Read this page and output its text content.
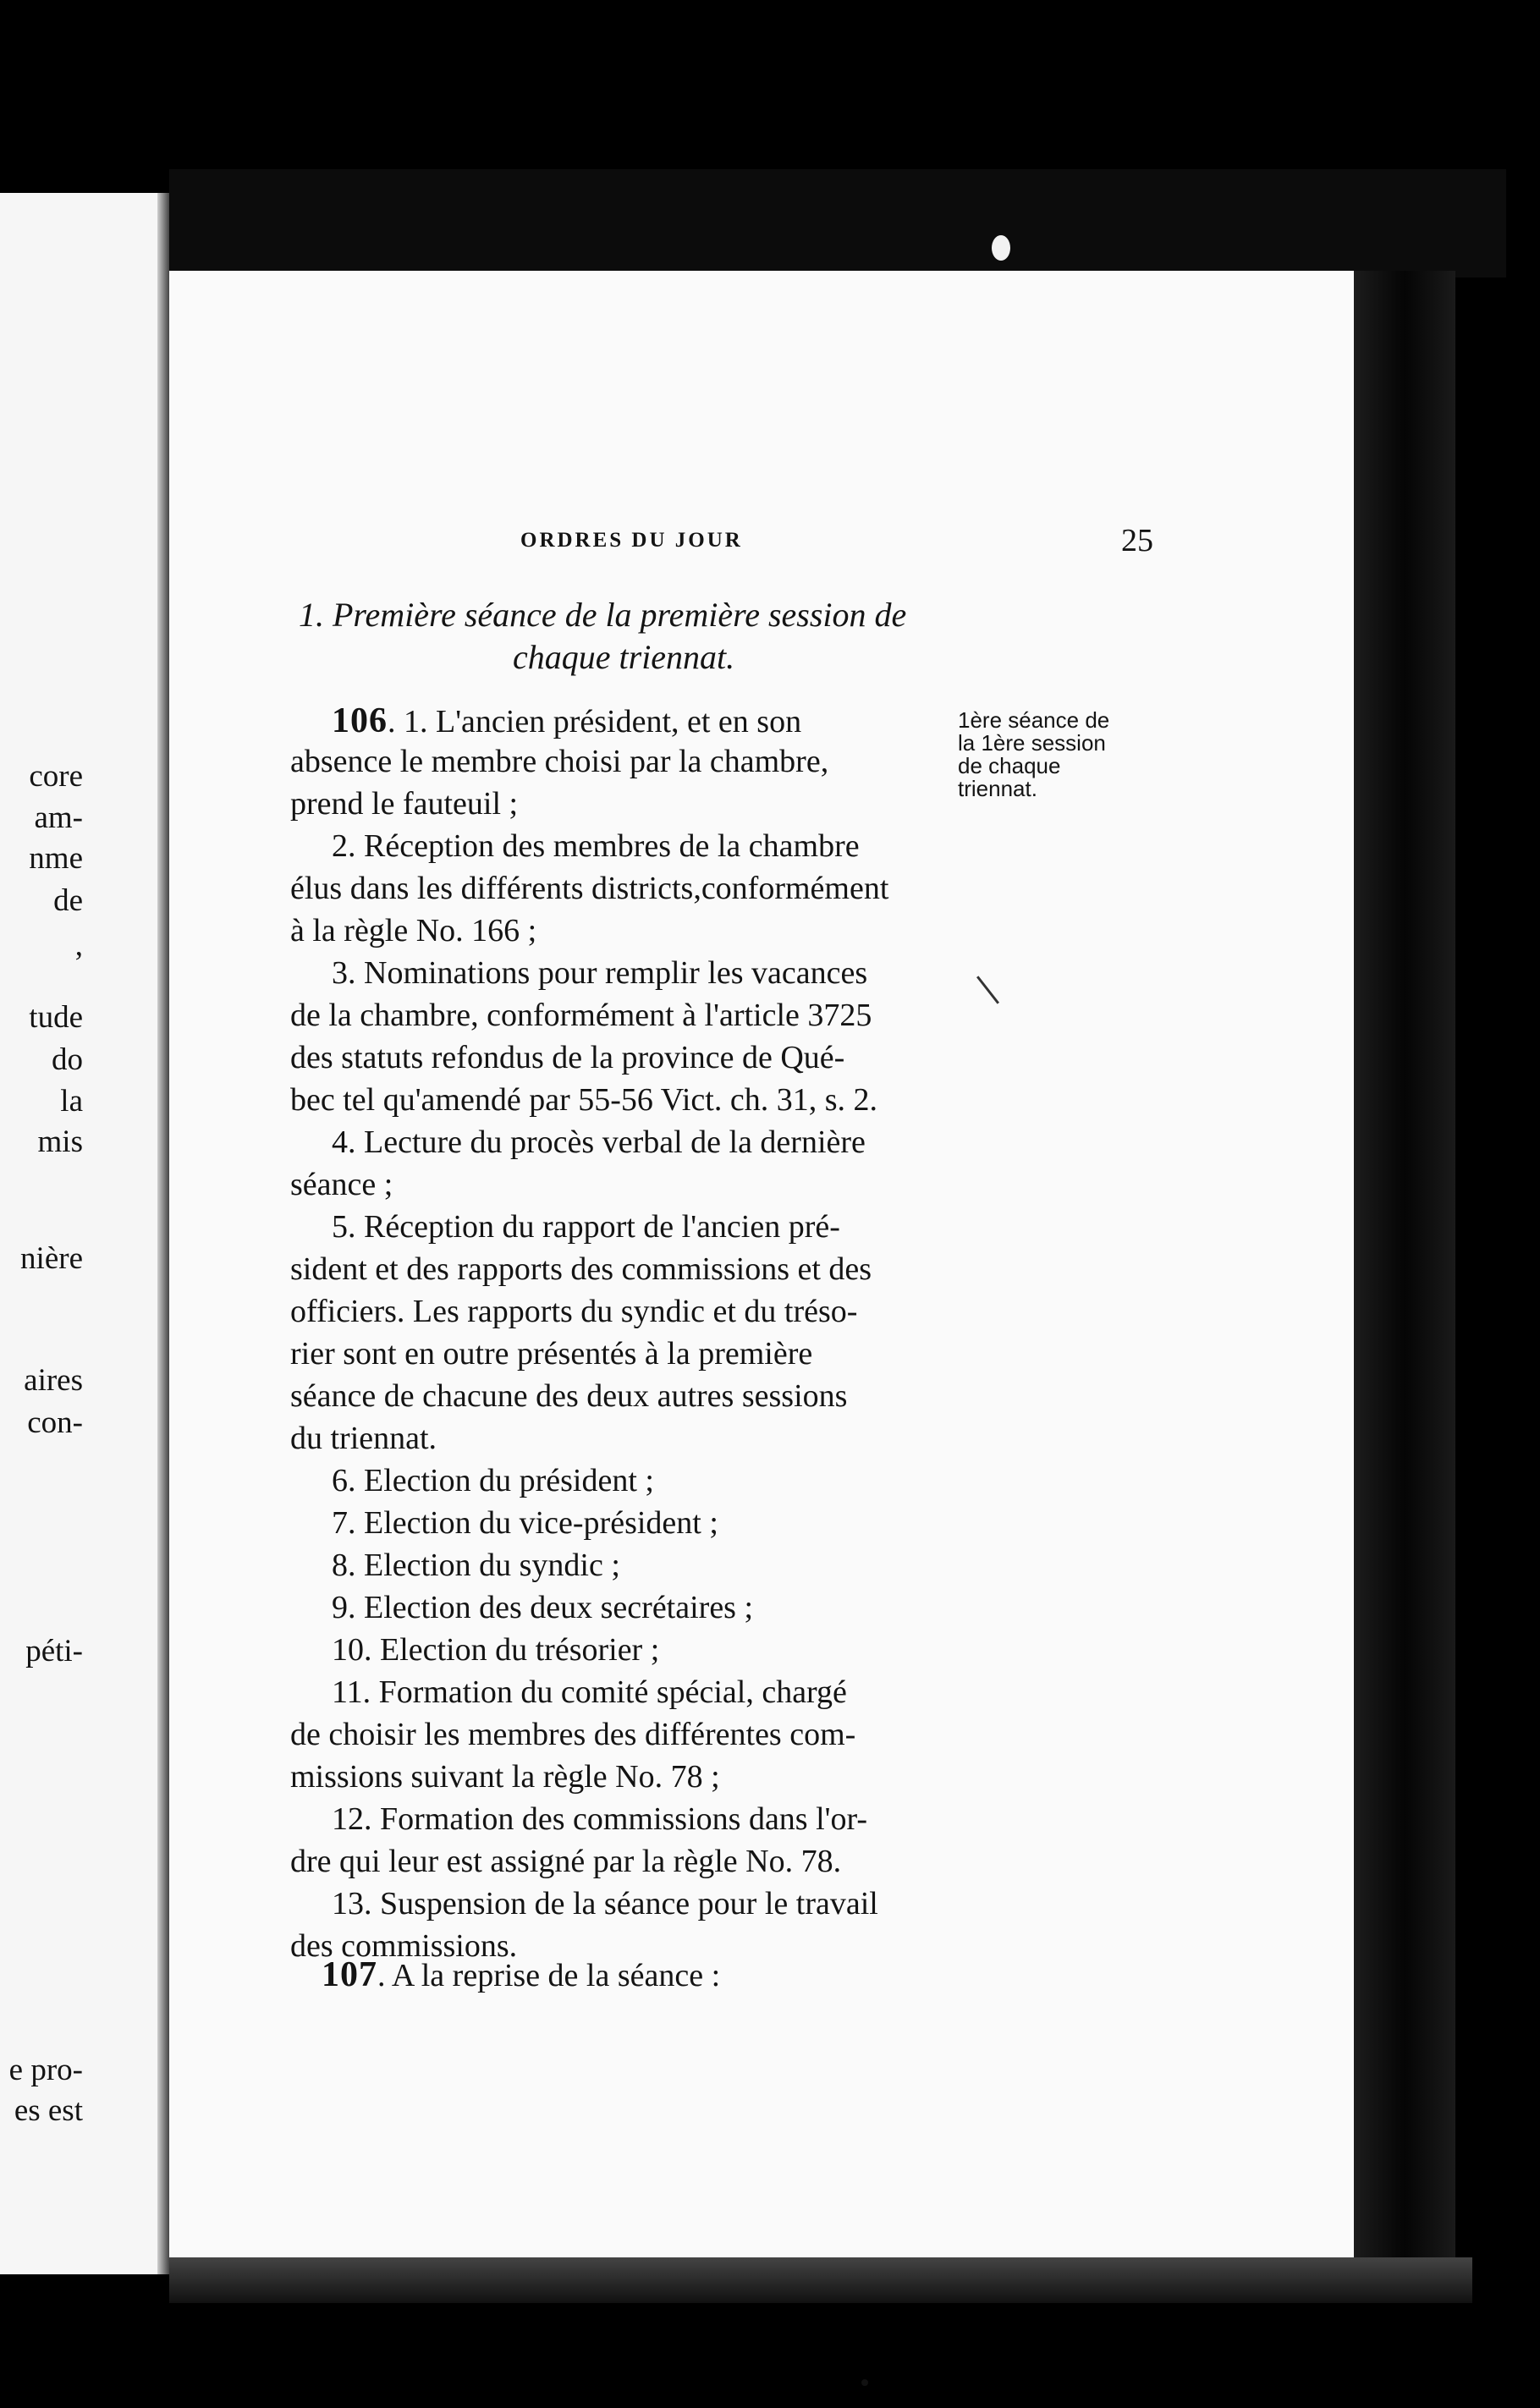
core
am-
nme
de
,
tude
do
la
mis
nière
aires
con-
péti-
e pro-
es est
ORDRES DU JOUR	25
1. Première séance de la première session de
chaque triennat.
1ère séance de
la 1ère session
de chaque
triennat.
106. 1. L'ancien président, et en son
absence le membre choisi par la chambre,
prend le fauteuil ;
2. Réception des membres de la chambre
élus dans les différents districts,conformément
à la règle No. 166 ;
3. Nominations pour remplir les vacances
de la chambre, conformément à l'article 3725
des statuts refondus de la province de Qué-
bec tel qu'amendé par 55-56 Vict. ch. 31, s. 2.
4. Lecture du procès verbal de la dernière
séance ;
5. Réception du rapport de l'ancien pré-
sident et des rapports des commissions et des
officiers. Les rapports du syndic et du tréso-
rier sont en outre présentés à la première
séance de chacune des deux autres sessions
du triennat.
6. Election du président ;
7. Election du vice-président ;
8. Election du syndic ;
9. Election des deux secrétaires ;
10. Election du trésorier ;
11. Formation du comité spécial, chargé
de choisir les membres des différentes com-
missions suivant la règle No. 78 ;
12. Formation des commissions dans l'or-
dre qui leur est assigné par la règle No. 78.
13. Suspension de la séance pour le travail
des commissions.
107. A la reprise de la séance :
